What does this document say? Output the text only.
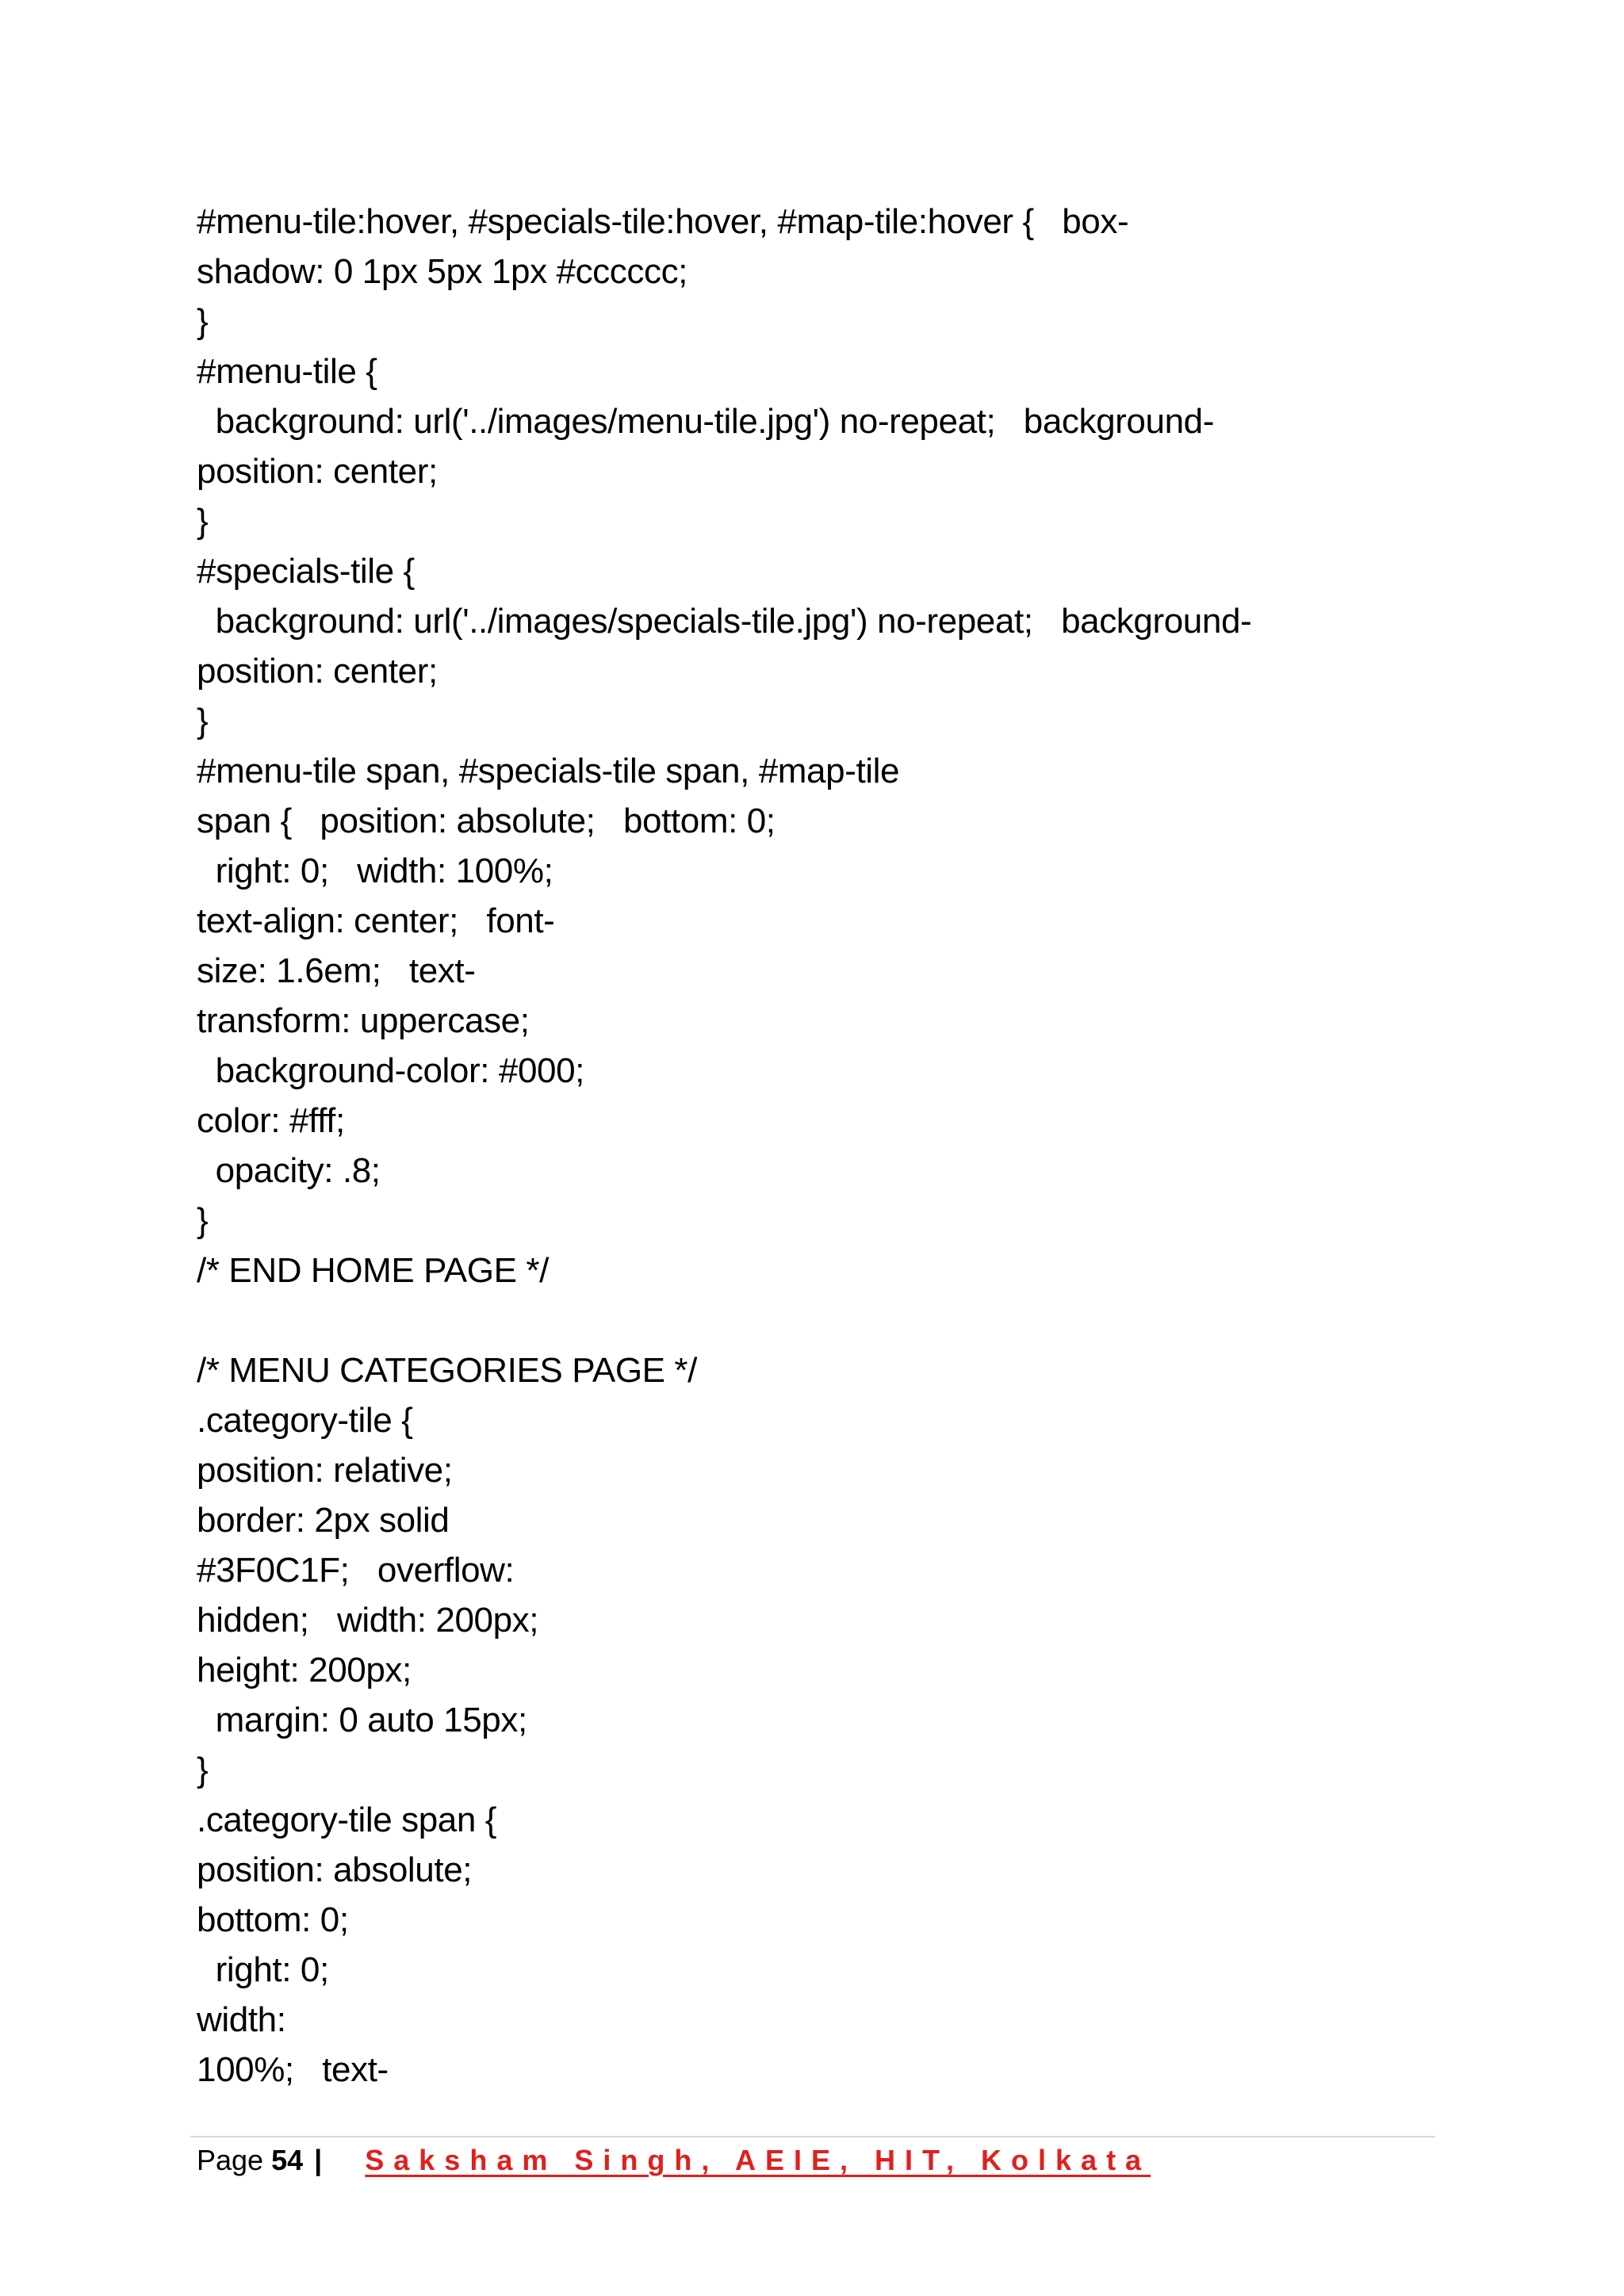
#menu-tile:hover, #specials-tile:hover, #map-tile:hover {   box-
shadow: 0 1px 5px 1px #cccccc;
}
#menu-tile {
background: url('../images/menu-tile.jpg') no-repeat;   background-
position: center;
}
#specials-tile {
background: url('../images/specials-tile.jpg') no-repeat;   background-
position: center;
}
#menu-tile span, #specials-tile span, #map-tile
span {   position: absolute;   bottom: 0;
right: 0;   width: 100%;
text-align: center;   font-
size: 1.6em;   text-
transform: uppercase;
background-color: #000;
color: #fff;
opacity: .8;
}
/* END HOME PAGE */
/* MENU CATEGORIES PAGE */
.category-tile {
position: relative;
border: 2px solid
#3F0C1F;   overflow:
hidden;   width: 200px;
height: 200px;
margin: 0 auto 15px;
}
.category-tile span {
position: absolute;
bottom: 0;
right: 0;
width:
100%;   text-
Page 54 | Saksham Singh, AEIE, HIT, Kolkata
